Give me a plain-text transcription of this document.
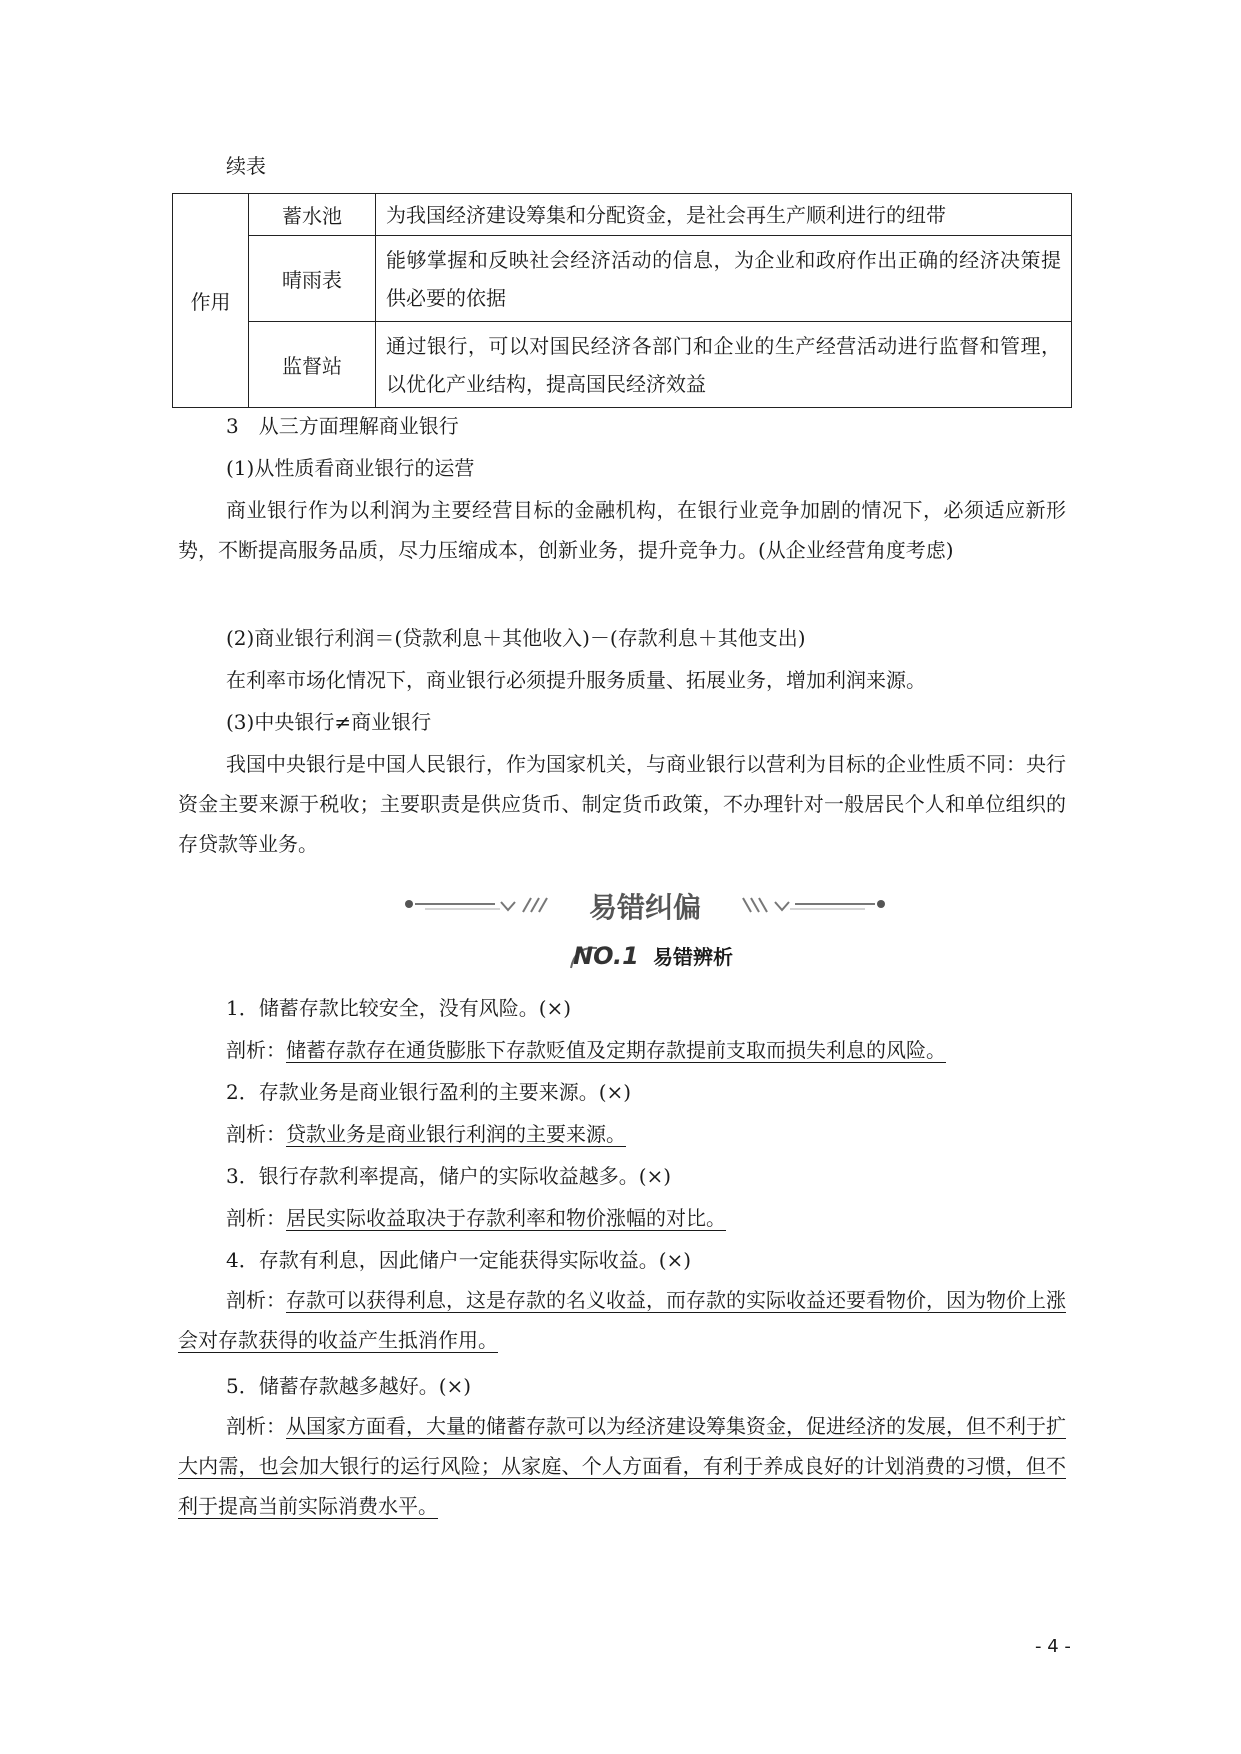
续表
作用	蓄水池	为我国经济建设筹集和分配资金，是社会再生产顺利进行的纽带
	晴雨表	能够掌握和反映社会经济活动的信息，为企业和政府作出正确的经济决策提供必要的依据
	监督站	通过银行，可以对国民经济各部门和企业的生产经营活动进行监督和管理，以优化产业结构，提高国民经济效益
3　从三方面理解商业银行
(1)从性质看商业银行的运营
商业银行作为以利润为主要经营目标的金融机构，在银行业竞争加剧的情况下，必须适应新形势，不断提高服务品质，尽力压缩成本，创新业务，提升竞争力。(从企业经营角度考虑)
(2)商业银行利润＝(贷款利息＋其他收入)－(存款利息＋其他支出)
在利率市场化情况下，商业银行必须提升服务质量、拓展业务，增加利润来源。
(3)中央银行≠商业银行
我国中央银行是中国人民银行，作为国家机关，与商业银行以营利为目标的企业性质不同：央行资金主要来源于税收；主要职责是供应货币、制定货币政策，不办理针对一般居民个人和单位组织的存贷款等业务。
易错纠偏
NO.1 易错辨析
1．储蓄存款比较安全，没有风险。(×)
剖析：储蓄存款存在通货膨胀下存款贬值及定期存款提前支取而损失利息的风险。
2．存款业务是商业银行盈利的主要来源。(×)
剖析：贷款业务是商业银行利润的主要来源。
3．银行存款利率提高，储户的实际收益越多。(×)
剖析：居民实际收益取决于存款利率和物价涨幅的对比。
4．存款有利息，因此储户一定能获得实际收益。(×)
剖析：存款可以获得利息，这是存款的名义收益，而存款的实际收益还要看物价，因为物价上涨会对存款获得的收益产生抵消作用。
5．储蓄存款越多越好。(×)
剖析：从国家方面看，大量的储蓄存款可以为经济建设筹集资金，促进经济的发展，但不利于扩大内需，也会加大银行的运行风险；从家庭、个人方面看，有利于养成良好的计划消费的习惯，但不利于提高当前实际消费水平。
- 4 -
